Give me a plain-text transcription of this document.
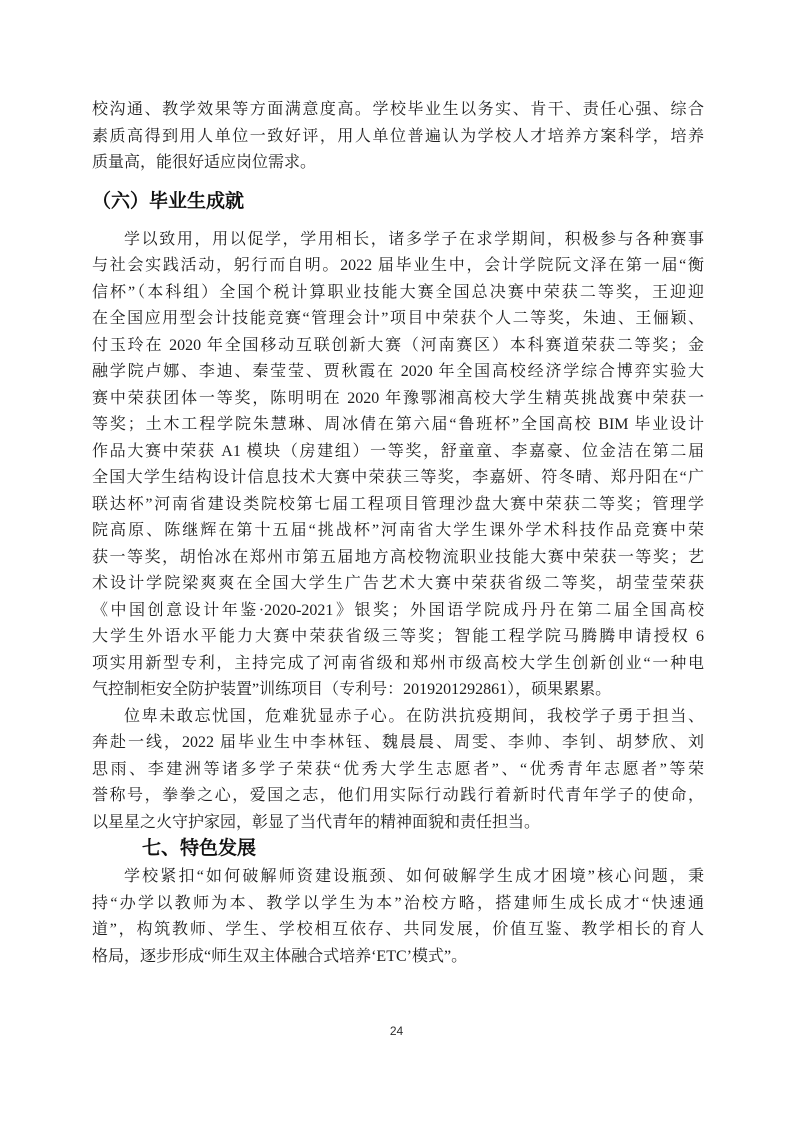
校沟通、教学效果等方面满意度高。学校毕业生以务实、肯干、责任心强、综合
素质高得到用人单位一致好评，用人单位普遍认为学校人才培养方案科学，培养
质量高，能很好适应岗位需求。
（六）毕业生成就
学以致用，用以促学，学用相长，诸多学子在求学期间，积极参与各种赛事
与社会实践活动，躬行而自明。2022 届毕业生中，会计学院阮文泽在第一届“衡
信杯”（本科组）全国个税计算职业技能大赛全国总决赛中荣获二等奖，王迎迎
在全国应用型会计技能竞赛“管理会计”项目中荣获个人二等奖，朱迪、王俪颖、
付玉玲在 2020 年全国移动互联创新大赛（河南赛区）本科赛道荣获二等奖；金
融学院卢娜、李迪、秦莹莹、贾秋霞在 2020 年全国高校经济学综合博弈实验大
赛中荣获团体一等奖，陈明明在 2020 年豫鄂湘高校大学生精英挑战赛中荣获一
等奖；土木工程学院朱慧琳、周冰倩在第六届“鲁班杯”全国高校 BIM 毕业设计
作品大赛中荣获 A1 模块（房建组）一等奖，舒童童、李嘉豪、位金洁在第二届
全国大学生结构设计信息技术大赛中荣获三等奖，李嘉妍、符冬晴、郑丹阳在“广
联达杯”河南省建设类院校第七届工程项目管理沙盘大赛中荣获二等奖；管理学
院高原、陈继辉在第十五届“挑战杯”河南省大学生课外学术科技作品竞赛中荣
获一等奖，胡怡冰在郑州市第五届地方高校物流职业技能大赛中荣获一等奖；艺
术设计学院梁爽爽在全国大学生广告艺术大赛中荣获省级二等奖，胡莹莹荣获
《中国创意设计年鉴·2020-2021》银奖；外国语学院成丹丹在第二届全国高校
大学生外语水平能力大赛中荣获省级三等奖；智能工程学院马腾腾申请授权 6
项实用新型专利，主持完成了河南省级和郑州市级高校大学生创新创业“一种电
气控制柜安全防护装置”训练项目（专利号：2019201292861），硕果累累。
位卑未敢忘忧国，危难犹显赤子心。在防洪抗疫期间，我校学子勇于担当、
奔赴一线，2022 届毕业生中李林钰、魏晨晨、周雯、李帅、李钊、胡梦欣、刘
思雨、李建洲等诸多学子荣获“优秀大学生志愿者”、“优秀青年志愿者”等荣
誉称号，拳拳之心，爱国之志，他们用实际行动践行着新时代青年学子的使命，
以星星之火守护家园，彰显了当代青年的精神面貌和责任担当。
七、特色发展
学校紧扣“如何破解师资建设瓶颈、如何破解学生成才困境”核心问题，秉
持“办学以教师为本、教学以学生为本”治校方略，搭建师生成长成才“快速通
道”，构筑教师、学生、学校相互依存、共同发展，价值互鉴、教学相长的育人
格局，逐步形成“师生双主体融合式培养‘ETC’模式”。
24
